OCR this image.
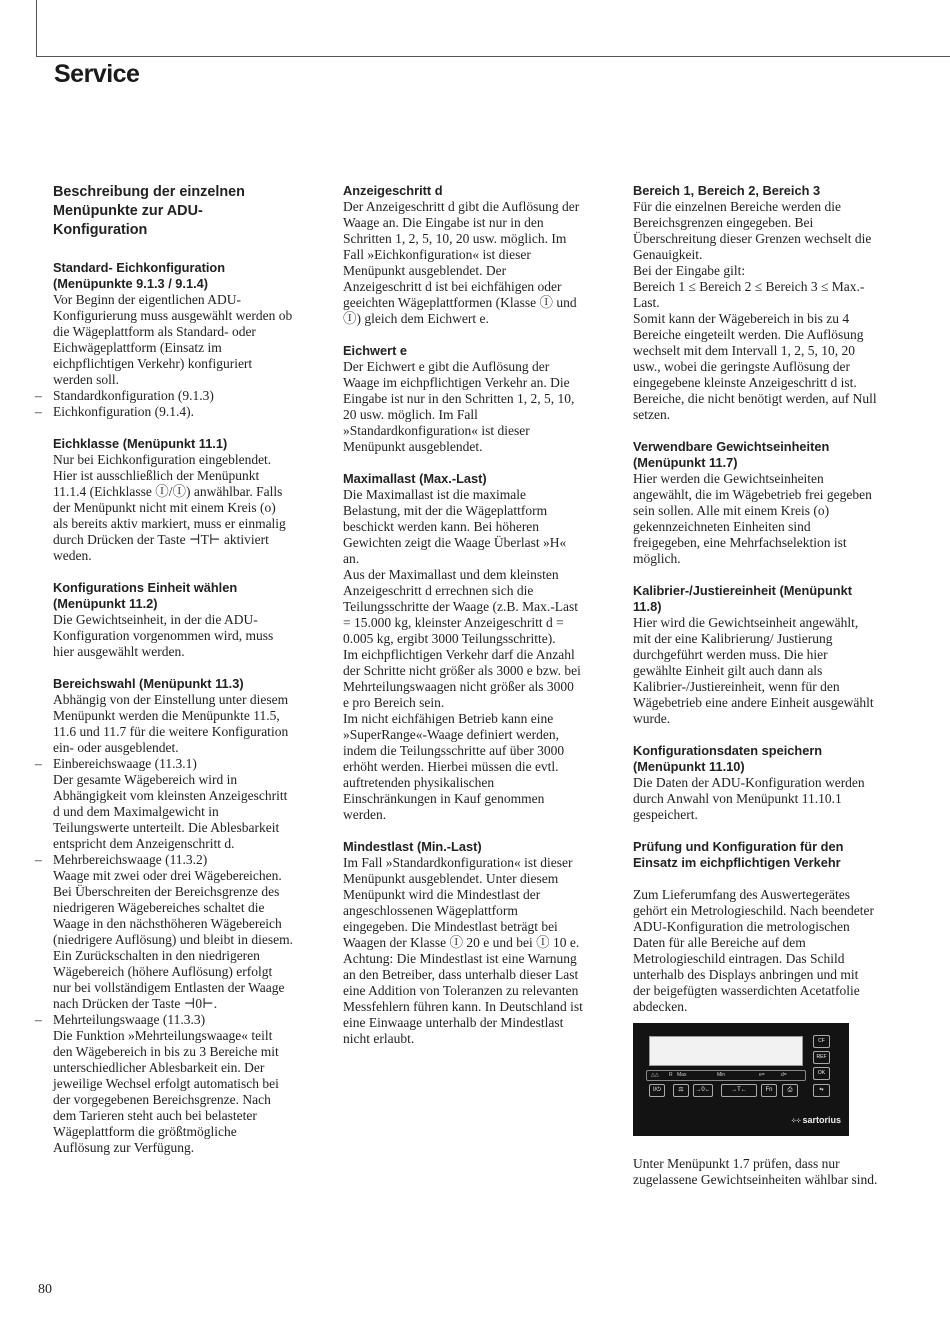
Service

Beschreibung der einzelnen Menüpunkte zur ADU-Konfiguration

Standard- Eichkonfiguration (Menüpunkte 9.1.3 / 9.1.4)

Vor Beginn der eigentlichen ADU-Konfigurierung muss ausgewählt werden ob die Wägeplattform als Standard- oder Eichwägeplattform (Einsatz im eichpflichtigen Verkehr) konfiguriert werden soll.

– Standardkonfiguration (9.1.3)

– Eichkonfiguration (9.1.4).

Eichklasse (Menüpunkt 11.1)

Nur bei Eichkonfiguration eingeblendet. Hier ist ausschließlich der Menüpunkt 11.1.4 (Eichklasse Ⓘ/Ⓘ) anwählbar. Falls der Menüpunkt nicht mit einem Kreis (o) als bereits aktiv markiert, muss er einmalig durch Drücken der Taste ⊣T⊢ aktiviert weden.

Konfigurations Einheit wählen (Menüpunkt 11.2)

Die Gewichtseinheit, in der die ADU-Konfiguration vorgenommen wird, muss hier ausgewählt werden.

Bereichswahl (Menüpunkt 11.3)

Abhängig von der Einstellung unter diesem Menüpunkt werden die Menüpunkte 11.5, 11.6 und 11.7 für die weitere Konfiguration ein- oder ausgeblendet.

– Einbereichswaage (11.3.1)

Der gesamte Wägebereich wird in Abhängigkeit vom kleinsten Anzeigeschritt d und dem Maximalgewicht in Teilungswerte unterteilt. Die Ablesbarkeit entspricht dem Anzeigenschritt d.

– Mehrbereichswaage (11.3.2)

Waage mit zwei oder drei Wägebereichen. Bei Überschreiten der Bereichsgrenze des niedrigeren Wägebereiches schaltet die Waage in den nächsthöheren Wägebereich (niedrigere Auflösung) und bleibt in diesem. Ein Zurückschalten in den niedrigeren Wägebereich (höhere Auflösung) erfolgt nur bei vollständigem Entlasten der Waage nach Drücken der Taste ⊣0⊢.

– Mehrteilungswaage (11.3.3)

Die Funktion »Mehrteilungswaage« teilt den Wägebereich in bis zu 3 Bereiche mit unterschiedlicher Ablesbarkeit ein. Der jeweilige Wechsel erfolgt automatisch bei der vorgegebenen Bereichsgrenze. Nach dem Tarieren steht auch bei belasteter Wägeplattform die größtmögliche Auflösung zur Verfügung.

Anzeigeschritt d

Der Anzeigeschritt d gibt die Auflösung der Waage an. Die Eingabe ist nur in den Schritten 1, 2, 5, 10, 20 usw. möglich. Im Fall »Eichkonfiguration« ist dieser Menüpunkt ausgeblendet. Der Anzeigeschritt d ist bei eichfähigen oder geeichten Wägeplattformen (Klasse Ⓘ und Ⓘ) gleich dem Eichwert e.

Eichwert e

Der Eichwert e gibt die Auflösung der Waage im eichpflichtigen Verkehr an. Die Eingabe ist nur in den Schritten 1, 2, 5, 10, 20 usw. möglich. Im Fall »Standardkonfiguration« ist dieser Menüpunkt ausgeblendet.

Maximallast (Max.-Last)

Die Maximallast ist die maximale Belastung, mit der die Wägeplattform beschickt werden kann. Bei höheren Gewichten zeigt die Waage Überlast »H« an.

Aus der Maximallast und dem kleinsten Anzeigeschritt d errechnen sich die Teilungsschritte der Waage (z.B. Max.-Last = 15.000 kg, kleinster Anzeigeschritt d = 0.005 kg, ergibt 3000 Teilungsschritte).

Im eichpflichtigen Verkehr darf die Anzahl der Schritte nicht größer als 3000 e bzw. bei Mehrteilungswaagen nicht größer als 3000 e pro Bereich sein.

Im nicht eichfähigen Betrieb kann eine »SuperRange«-Waage definiert werden, indem die Teilungsschritte auf über 3000 erhöht werden. Hierbei müssen die evtl. auftretenden physikalischen Einschränkungen in Kauf genommen werden.

Mindestlast (Min.-Last)

Im Fall »Standardkonfiguration« ist dieser Menüpunkt ausgeblendet. Unter diesem Menüpunkt wird die Mindestlast der angeschlossenen Wägeplattform eingegeben. Die Mindestlast beträgt bei Waagen der Klasse Ⓘ 20 e und bei Ⓘ 10 e. Achtung: Die Mindestlast ist eine Warnung an den Betreiber, dass unterhalb dieser Last eine Addition von Toleranzen zu relevanten Messfehlern führen kann. In Deutschland ist eine Einwaage unterhalb der Mindestlast nicht erlaubt.

Bereich 1, Bereich 2, Bereich 3

Für die einzelnen Bereiche werden die Bereichsgrenzen eingegeben. Bei Überschreitung dieser Grenzen wechselt die Genauigkeit.

Bei der Eingabe gilt:

Bereich 1 ≤ Bereich 2 ≤ Bereich 3 ≤ Max.-Last.

Somit kann der Wägebereich in bis zu 4 Bereiche eingeteilt werden. Die Auflösung wechselt mit dem Intervall 1, 2, 5, 10, 20 usw., wobei die geringste Auflösung der eingegebene kleinste Anzeigeschritt d ist. Bereiche, die nicht benötigt werden, auf Null setzen.

Verwendbare Gewichtseinheiten (Menüpunkt 11.7)

Hier werden die Gewichtseinheiten angewählt, die im Wägebetrieb frei gegeben sein sollen. Alle mit einem Kreis (o) gekennzeichneten Einheiten sind freigegeben, eine Mehrfachselektion ist möglich.

Kalibrier-/Justiereinheit (Menüpunkt 11.8)

Hier wird die Gewichtseinheit angewählt, mit der eine Kalibrierung/ Justierung durchgeführt werden muss. Die hier gewählte Einheit gilt auch dann als Kalibrier-/Justiereinheit, wenn für den Wägebetrieb eine andere Einheit ausgewählt wurde.

Konfigurationsdaten speichern (Menüpunkt 11.10)

Die Daten der ADU-Konfiguration werden durch Anwahl von Menüpunkt 11.10.1 gespeichert.

Prüfung und Konfiguration für den Einsatz im eichpflichtigen Verkehr

Zum Lieferumfang des Auswertegerätes gehört ein Metrologieschild. Nach beendeter ADU-Konfiguration die metrologischen Daten für alle Bereiche auf dem Metrologieschild eintragen. Das Schild unterhalb des Displays anbringen und mit der beigefügten wasserdichten Acetatfolie abdecken.

△△ R Max	Min	e=	d=
I/⏻	⚖	→0←	→T←	Fn	⎙
CF
REF
OK
⇆
⁘⁘ sartorius

Unter Menüpunkt 1.7 prüfen, dass nur zugelassene Gewichtseinheiten wählbar sind.

80
